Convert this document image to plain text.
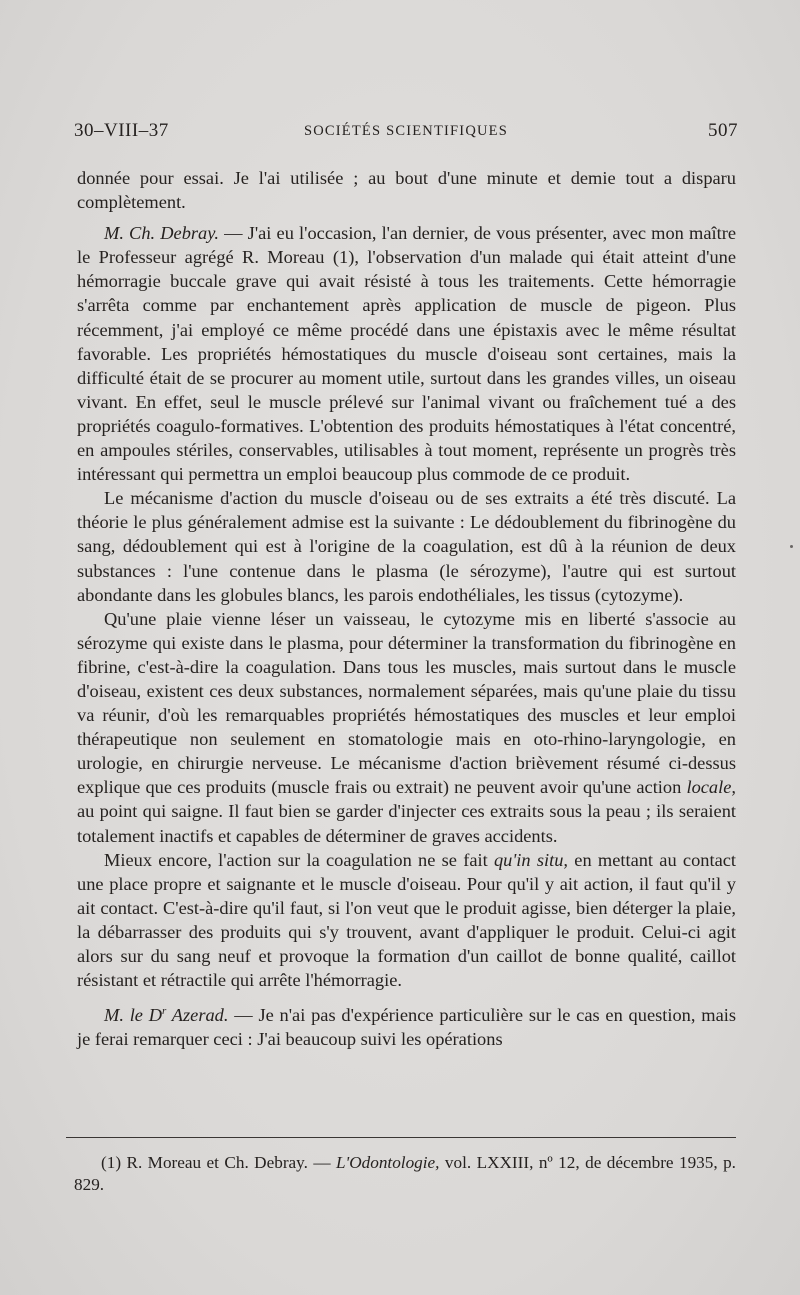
30–VIII–37	SOCIÉTÉS SCIENTIFIQUES	507

donnée pour essai. Je l'ai utilisée ; au bout d'une minute et demie tout a disparu complètement.

M. Ch. Debray. — J'ai eu l'occasion, l'an dernier, de vous présenter, avec mon maître le Professeur agrégé R. Moreau (1), l'observation d'un malade qui était atteint d'une hémorragie buccale grave qui avait résisté à tous les traitements. Cette hémorragie s'arrêta comme par enchantement après application de muscle de pigeon. Plus récemment, j'ai employé ce même procédé dans une épistaxis avec le même résultat favorable. Les propriétés hémostatiques du muscle d'oiseau sont certaines, mais la difficulté était de se procurer au moment utile, surtout dans les grandes villes, un oiseau vivant. En effet, seul le muscle prélevé sur l'animal vivant ou fraîchement tué a des propriétés coagulo-formatives. L'obtention des produits hémostatiques à l'état concentré, en ampoules stériles, conservables, utilisables à tout moment, représente un progrès très intéressant qui permettra un emploi beaucoup plus commode de ce produit.

Le mécanisme d'action du muscle d'oiseau ou de ses extraits a été très discuté. La théorie le plus généralement admise est la suivante : Le dédoublement du fibrinogène du sang, dédoublement qui est à l'origine de la coagulation, est dû à la réunion de deux substances : l'une contenue dans le plasma (le sérozyme), l'autre qui est surtout abondante dans les globules blancs, les parois endothéliales, les tissus (cytozyme).

Qu'une plaie vienne léser un vaisseau, le cytozyme mis en liberté s'associe au sérozyme qui existe dans le plasma, pour déterminer la transformation du fibrinogène en fibrine, c'est-à-dire la coagulation. Dans tous les muscles, mais surtout dans le muscle d'oiseau, existent ces deux substances, normalement séparées, mais qu'une plaie du tissu va réunir, d'où les remarquables propriétés hémostatiques des muscles et leur emploi thérapeutique non seulement en stomatologie mais en oto-rhino-laryngologie, en urologie, en chirurgie nerveuse. Le mécanisme d'action brièvement résumé ci-dessus explique que ces produits (muscle frais ou extrait) ne peuvent avoir qu'une action locale, au point qui saigne. Il faut bien se garder d'injecter ces extraits sous la peau ; ils seraient totalement inactifs et capables de déterminer de graves accidents.

Mieux encore, l'action sur la coagulation ne se fait qu'in situ, en mettant au contact une place propre et saignante et le muscle d'oiseau. Pour qu'il y ait action, il faut qu'il y ait contact. C'est-à-dire qu'il faut, si l'on veut que le produit agisse, bien déterger la plaie, la débarrasser des produits qui s'y trouvent, avant d'appliquer le produit. Celui-ci agit alors sur du sang neuf et provoque la formation d'un caillot de bonne qualité, caillot résistant et rétractile qui arrête l'hémorragie.

M. le $D^r$ Azerad. — Je n'ai pas d'expérience particulière sur le cas en question, mais je ferai remarquer ceci : J'ai beaucoup suivi les opérations

(1) R. Moreau et Ch. Debray. — L'Odontologie, vol. LXXIII, nº 12, de décembre 1935, p. 829.
